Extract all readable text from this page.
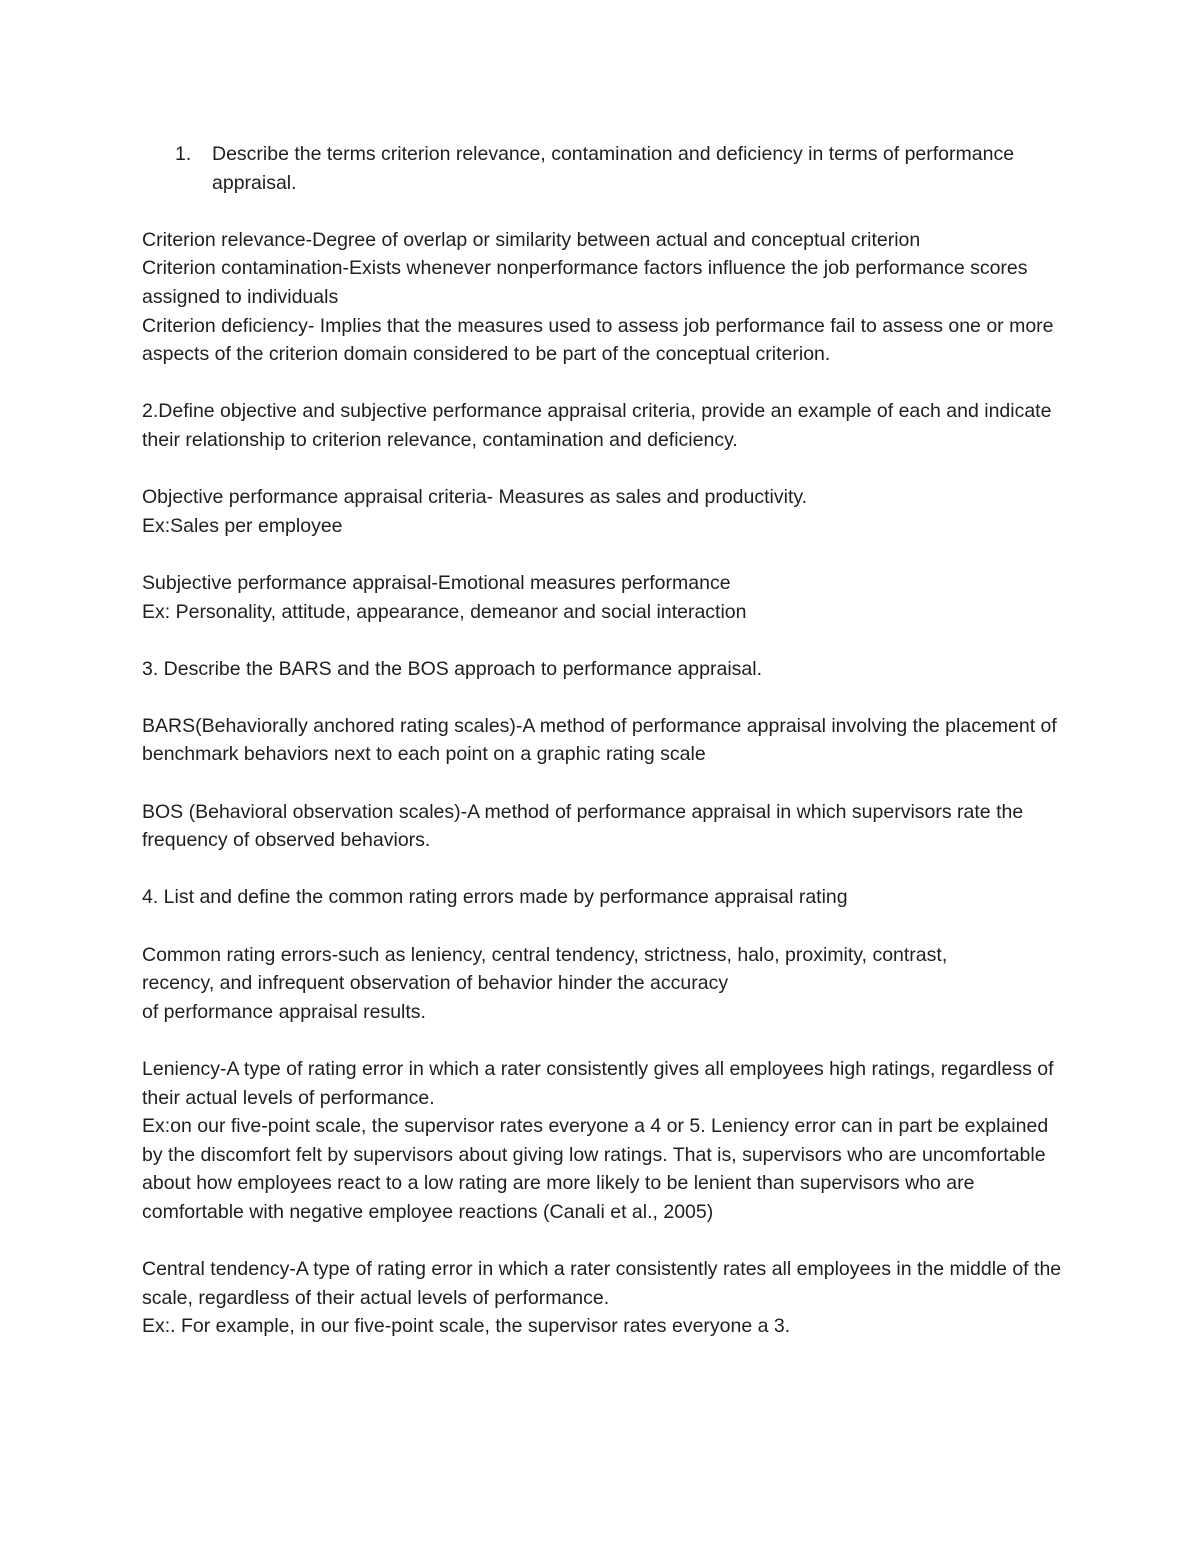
1. Describe the terms criterion relevance, contamination and deficiency in terms of performance appraisal.

Criterion relevance-Degree of overlap or similarity between actual and conceptual criterion

Criterion contamination-Exists whenever nonperformance factors influence the job performance scores assigned to individuals

Criterion deficiency- Implies that the measures used to assess job performance fail to assess one or more aspects of the criterion domain considered to be part of the conceptual criterion.

2.Define objective and subjective performance appraisal criteria, provide an example of each and indicate their relationship to criterion relevance, contamination and deficiency.

Objective performance appraisal criteria- Measures as sales and productivity.

Ex:Sales per employee

Subjective performance appraisal-Emotional measures performance

Ex: Personality, attitude, appearance, demeanor and social interaction

3. Describe the BARS and the BOS approach to performance appraisal.

BARS(Behaviorally anchored rating scales)-A method of performance appraisal involving the placement of benchmark behaviors next to each point on a graphic rating scale

BOS (Behavioral observation scales)-A method of performance appraisal in which supervisors rate the frequency of observed behaviors.

4. List and define the common rating errors made by performance appraisal rating

Common rating errors-such as leniency, central tendency, strictness, halo, proximity, contrast,

recency, and infrequent observation of behavior hinder the accuracy

of performance appraisal results.

Leniency-A type of rating error in which a rater consistently gives all employees high ratings, regardless of their actual levels of performance.

Ex:on our five-point scale, the supervisor rates everyone a 4 or 5. Leniency error can in part be explained by the discomfort felt by supervisors about giving low ratings. That is, supervisors who are uncomfortable about how employees react to a low rating are more likely to be lenient than supervisors who are comfortable with negative employee reactions (Canali et al., 2005)

Central tendency-A type of rating error in which a rater consistently rates all employees in the middle of the scale, regardless of their actual levels of performance.

Ex:. For example, in our five-point scale, the supervisor rates everyone a 3.
